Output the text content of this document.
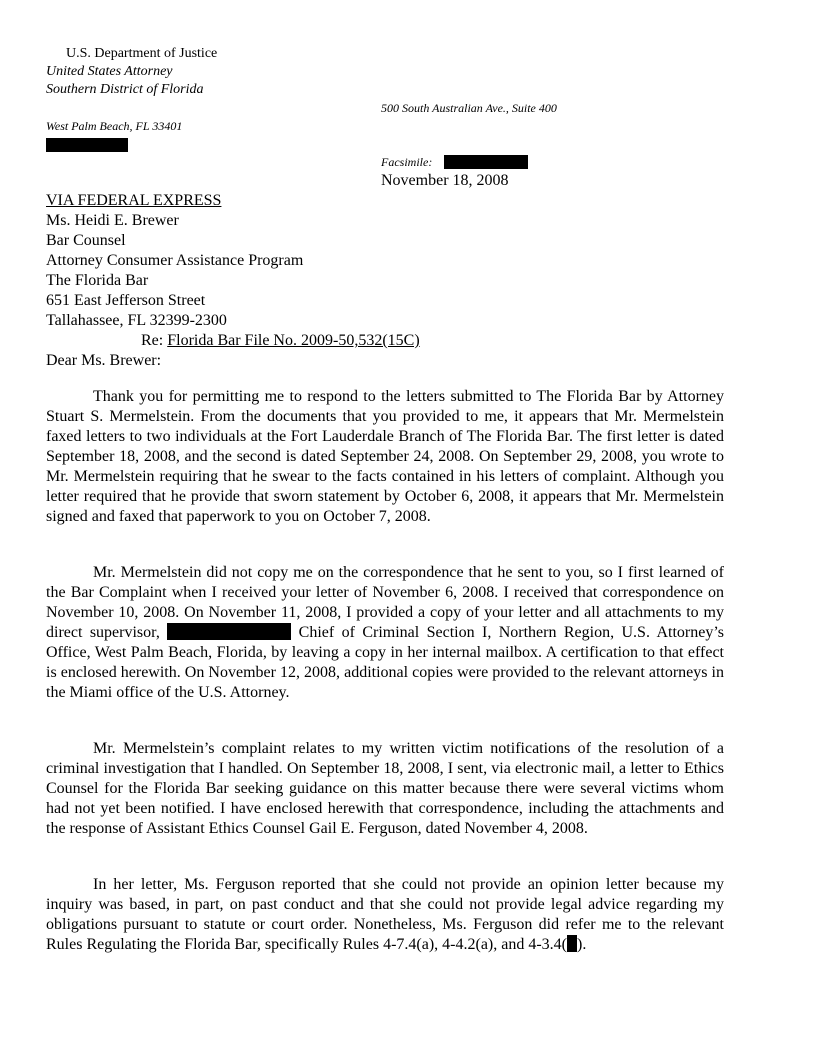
U.S. Department of Justice
United States Attorney
Southern District of Florida
500 South Australian Ave., Suite 400
West Palm Beach, FL 33401
Facsimile:
November 18, 2008
VIA FEDERAL EXPRESS
Ms. Heidi E. Brewer
Bar Counsel
Attorney Consumer Assistance Program
The Florida Bar
651 East Jefferson Street
Tallahassee, FL 32399-2300
Re: Florida Bar File No. 2009-50,532(15C)
Dear Ms. Brewer:
Thank you for permitting me to respond to the letters submitted to The Florida Bar by Attorney Stuart S. Mermelstein. From the documents that you provided to me, it appears that Mr. Mermelstein faxed letters to two individuals at the Fort Lauderdale Branch of The Florida Bar. The first letter is dated September 18, 2008, and the second is dated September 24, 2008. On September 29, 2008, you wrote to Mr. Mermelstein requiring that he swear to the facts contained in his letters of complaint. Although you letter required that he provide that sworn statement by October 6, 2008, it appears that Mr. Mermelstein signed and faxed that paperwork to you on October 7, 2008.
Mr. Mermelstein did not copy me on the correspondence that he sent to you, so I first learned of the Bar Complaint when I received your letter of November 6, 2008. I received that correspondence on November 10, 2008. On November 11, 2008, I provided a copy of your letter and all attachments to my direct supervisor,	Chief of Criminal Section I, Northern Region, U.S. Attorney’s Office, West Palm Beach, Florida, by leaving a copy in her internal mailbox. A certification to that effect is enclosed herewith. On November 12, 2008, additional copies were provided to the relevant attorneys in the Miami office of the U.S. Attorney.
Mr. Mermelstein’s complaint relates to my written victim notifications of the resolution of a criminal investigation that I handled. On September 18, 2008, I sent, via electronic mail, a letter to Ethics Counsel for the Florida Bar seeking guidance on this matter because there were several victims whom had not yet been notified. I have enclosed herewith that correspondence, including the attachments and the response of Assistant Ethics Counsel Gail E. Ferguson, dated November 4, 2008.
In her letter, Ms. Ferguson reported that she could not provide an opinion letter because my inquiry was based, in part, on past conduct and that she could not provide legal advice regarding my obligations pursuant to statute or court order. Nonetheless, Ms. Ferguson did refer me to the relevant Rules Regulating the Florida Bar, specifically Rules 4-7.4(a), 4-4.2(a), and 4-3.4( ).
